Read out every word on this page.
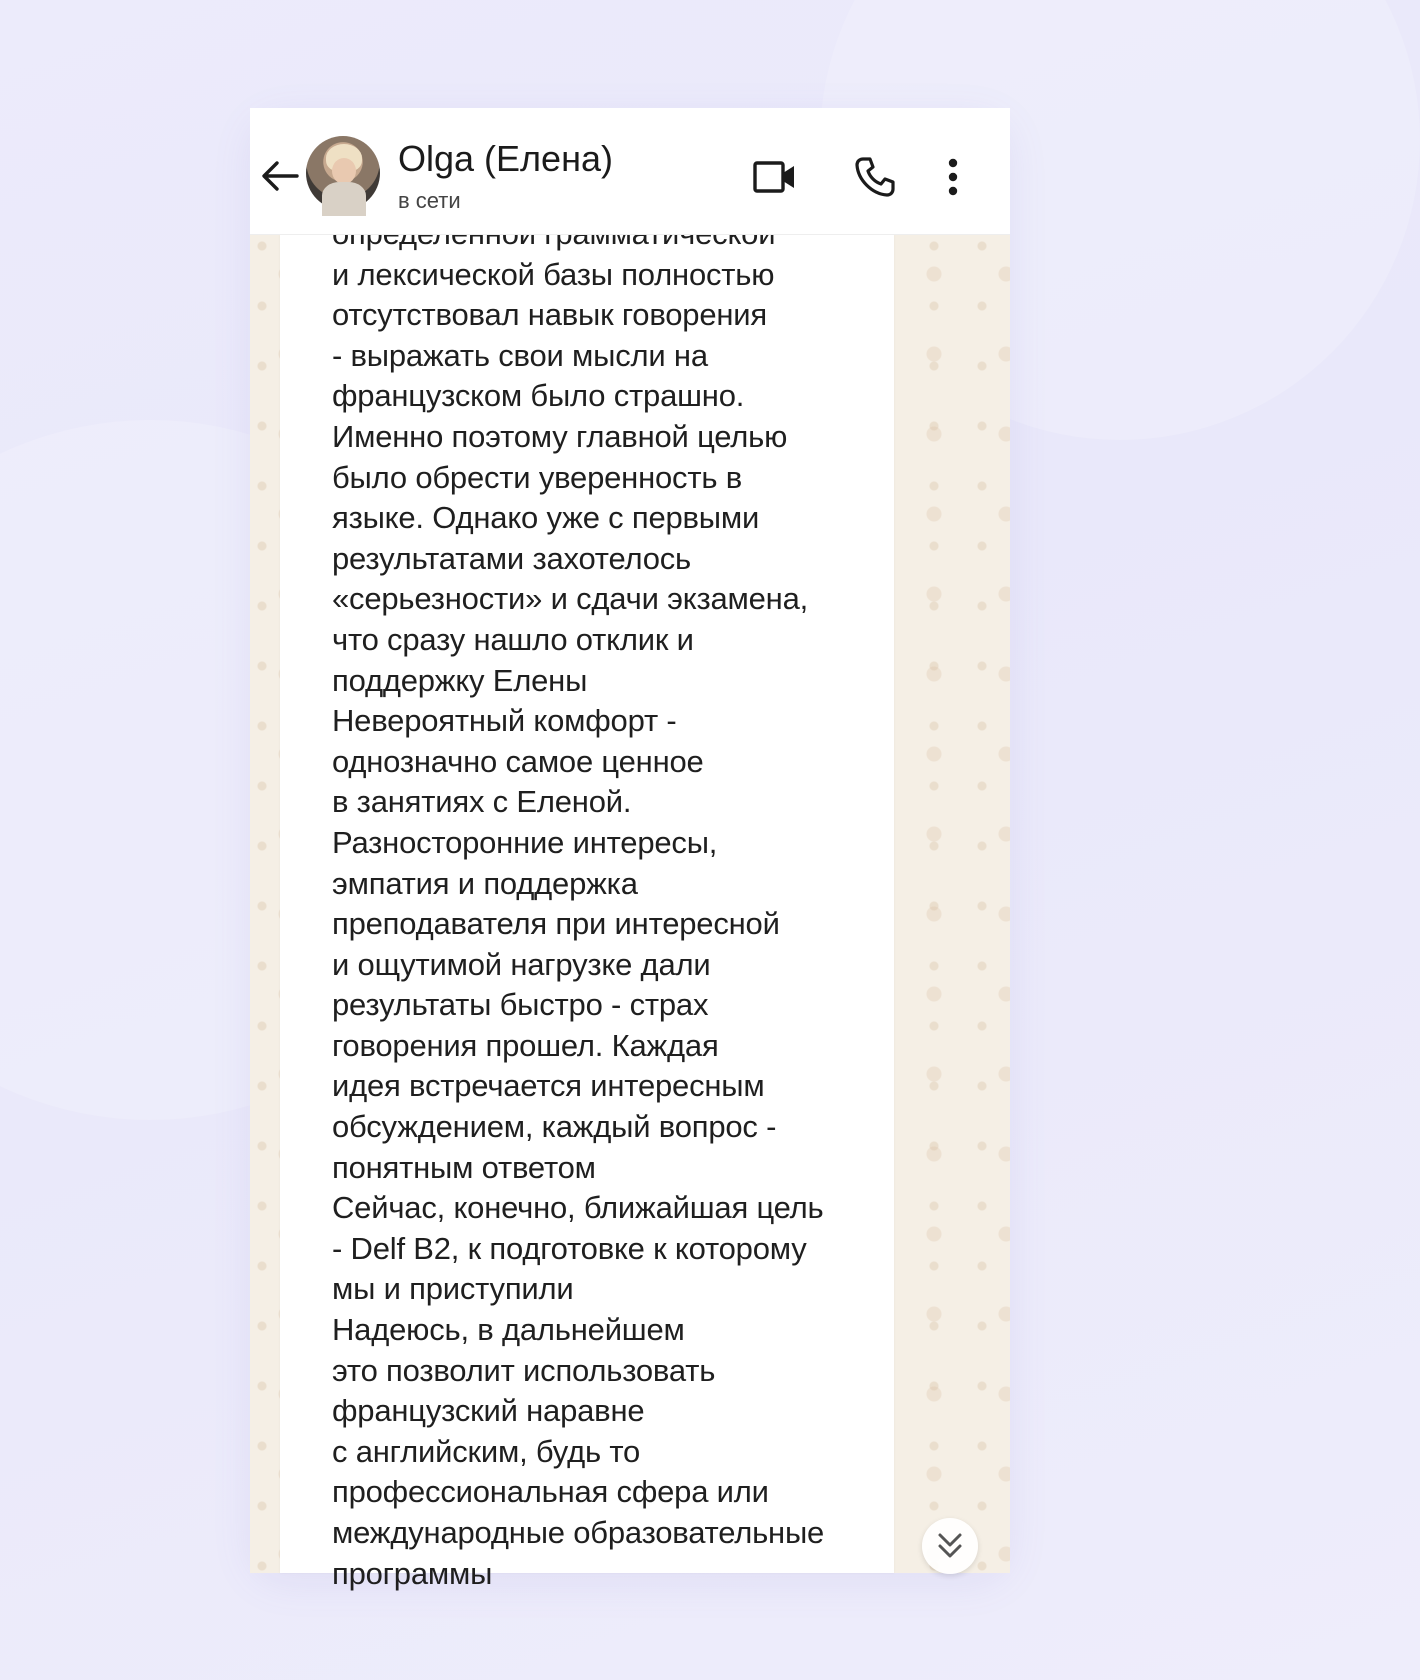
Olga (Елена)
в сети
и лексической базы полностью
отсутствовал навык говорения
- выражать свои мысли на
французском было страшно.
Именно поэтому главной целью
было обрести уверенность в
языке. Однако уже с первыми
результатами захотелось
«серьезности» и сдачи экзамена,
что сразу нашло отклик и
поддержку Елены
Невероятный комфорт -
однозначно самое ценное
в занятиях с Еленой.
Разносторонние интересы,
эмпатия и поддержка
преподавателя при интересной
и ощутимой нагрузке дали
результаты быстро - страх
говорения прошел. Каждая
идея встречается интересным
обсуждением, каждый вопрос -
понятным ответом
Сейчас, конечно, ближайшая цель
- Delf B2, к подготовке к которому
мы и приступили
Надеюсь, в дальнейшем
это позволит использовать
французский наравне
с английским, будь то
профессиональная сфера или
международные образовательные
программы
